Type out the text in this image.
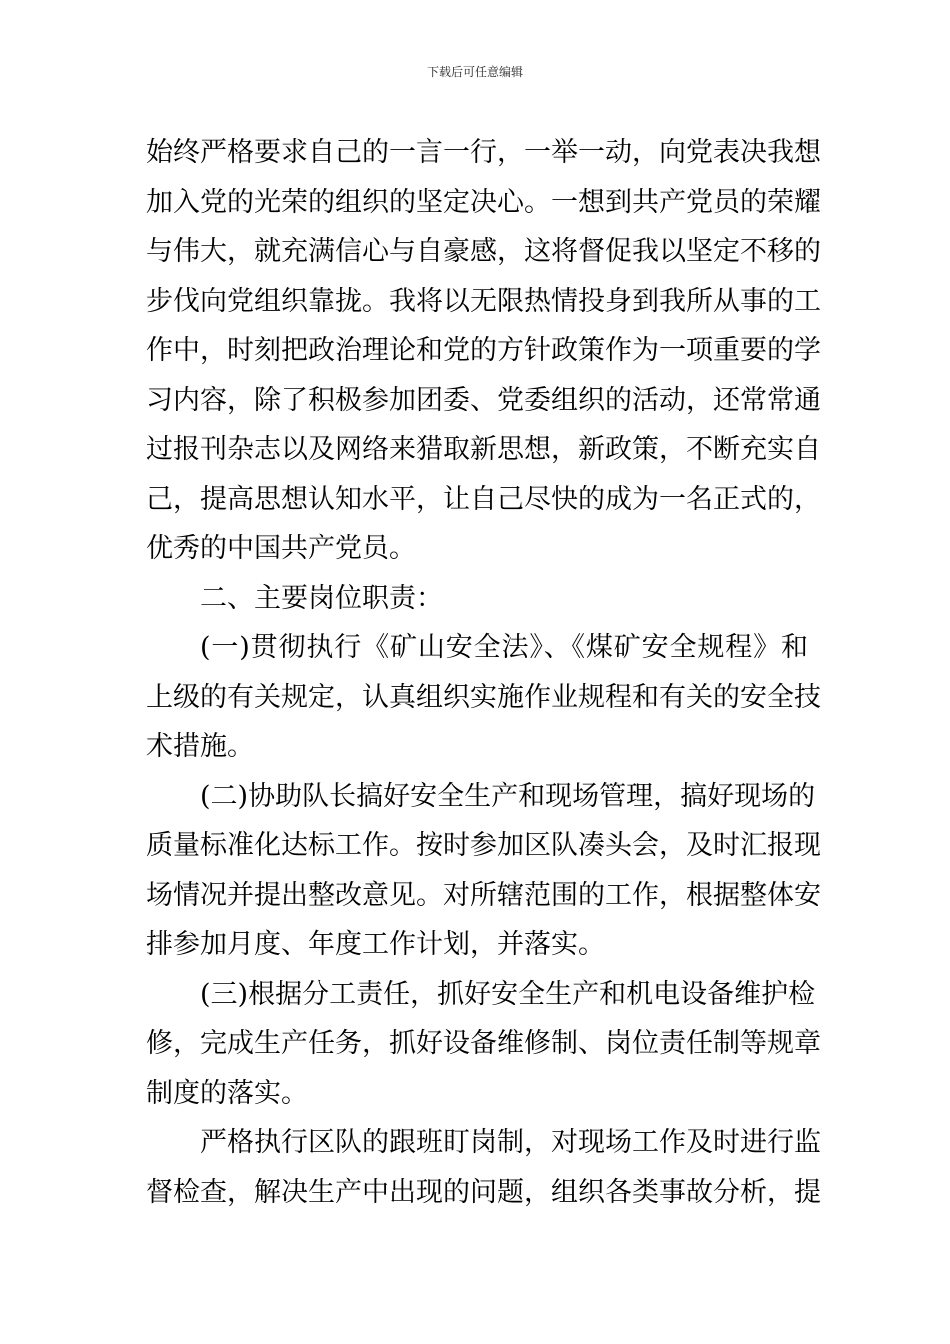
下载后可任意编辑
始终严格要求自己的一言一行，一举一动，向党表决我想
加入党的光荣的组织的坚定决心。一想到共产党员的荣耀
与伟大，就充满信心与自豪感，这将督促我以坚定不移的
步伐向党组织靠拢。我将以无限热情投身到我所从事的工
作中，时刻把政治理论和党的方针政策作为一项重要的学
习内容，除了积极参加团委、党委组织的活动，还常常通
过报刊杂志以及网络来猎取新思想，新政策，不断充实自
己，提高思想认知水平，让自己尽快的成为一名正式的，
优秀的中国共产党员。
二、主要岗位职责：
(一)贯彻执行《矿山安全法》、《煤矿安全规程》和
上级的有关规定，认真组织实施作业规程和有关的安全技
术措施。
(二)协助队长搞好安全生产和现场管理，搞好现场的
质量标准化达标工作。按时参加区队凑头会，及时汇报现
场情况并提出整改意见。对所辖范围的工作，根据整体安
排参加月度、年度工作计划，并落实。
(三)根据分工责任，抓好安全生产和机电设备维护检
修，完成生产任务，抓好设备维修制、岗位责任制等规章
制度的落实。
严格执行区队的跟班盯岗制，对现场工作及时进行监
督检查，解决生产中出现的问题，组织各类事故分析，提
